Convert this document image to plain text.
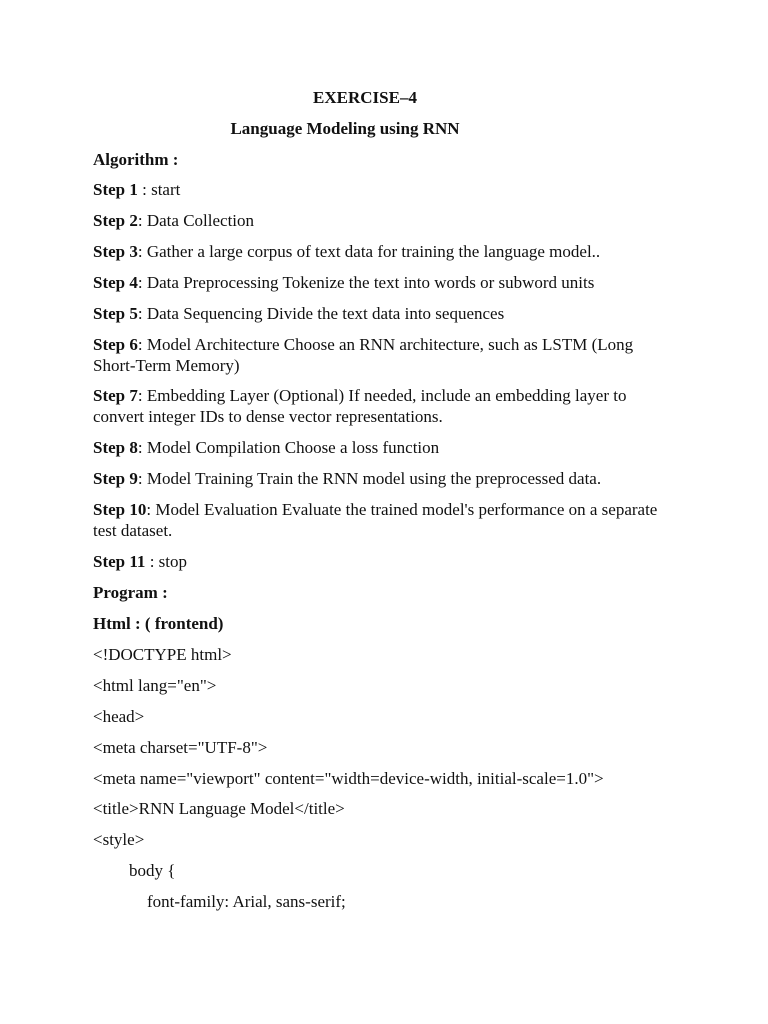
EXERCISE–4
Language Modeling using RNN
Algorithm :
Step 1 : start
Step 2: Data Collection
Step 3: Gather a large corpus of text data for training the language model..
Step 4: Data Preprocessing Tokenize the text into words or subword units
Step 5: Data Sequencing Divide the text data into sequences
Step 6: Model Architecture Choose an RNN architecture, such as LSTM (Long Short-Term Memory)
Step 7: Embedding Layer (Optional) If needed, include an embedding layer to convert integer IDs to dense vector representations.
Step 8: Model Compilation Choose a loss function
Step 9: Model Training Train the RNN model using the preprocessed data.
Step 10: Model Evaluation Evaluate the trained model's performance on a separate test dataset.
Step 11 : stop
Program :
Html : ( frontend)
<!DOCTYPE html>
<html lang="en">
<head>
<meta charset="UTF-8">
<meta name="viewport" content="width=device-width, initial-scale=1.0">
<title>RNN Language Model</title>
<style>
body {
font-family: Arial, sans-serif;
